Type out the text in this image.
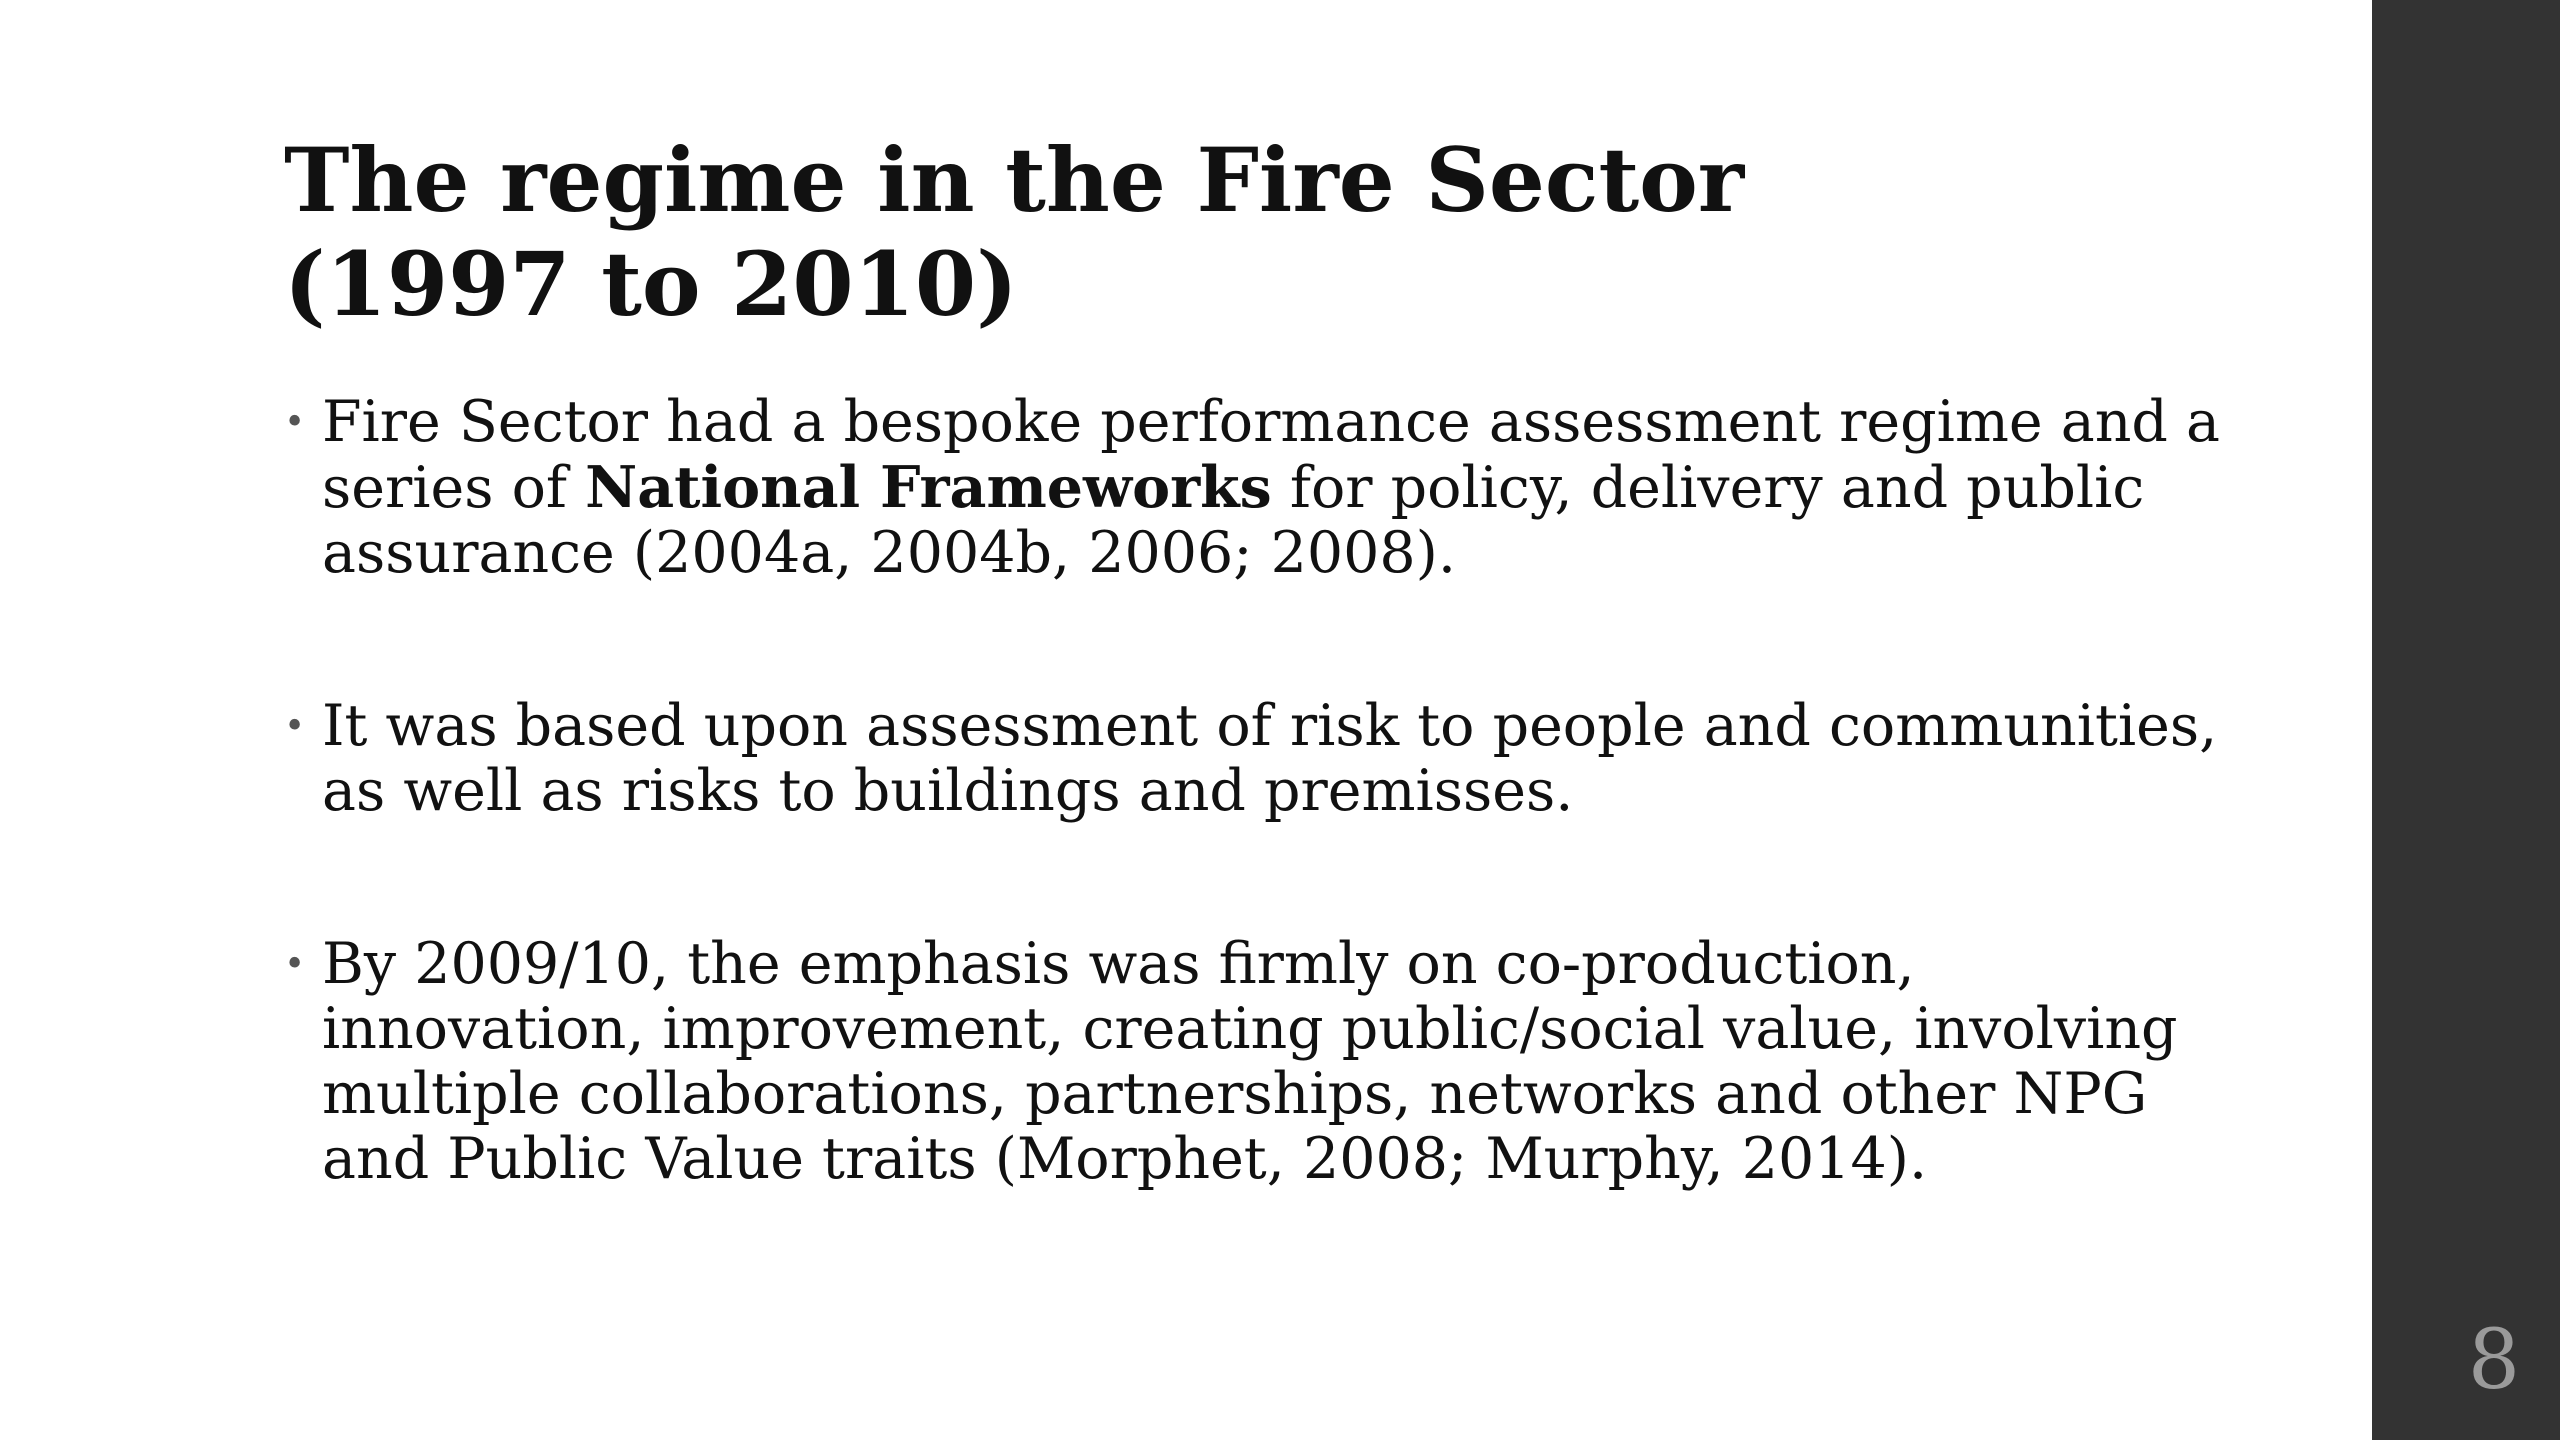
The regime in the Fire Sector
(1997 to 2010)
• Fire Sector had a bespoke performance assessment regime and a series of National Frameworks for policy, delivery and public assurance (2004a, 2004b, 2006; 2008).
• It was based upon assessment of risk to people and communities, as well as risks to buildings and premisses.
• By 2009/10, the emphasis was firmly on co-production, innovation, improvement, creating public/social value, involving multiple collaborations, partnerships, networks and other NPG and Public Value traits (Morphet, 2008; Murphy, 2014).
8
